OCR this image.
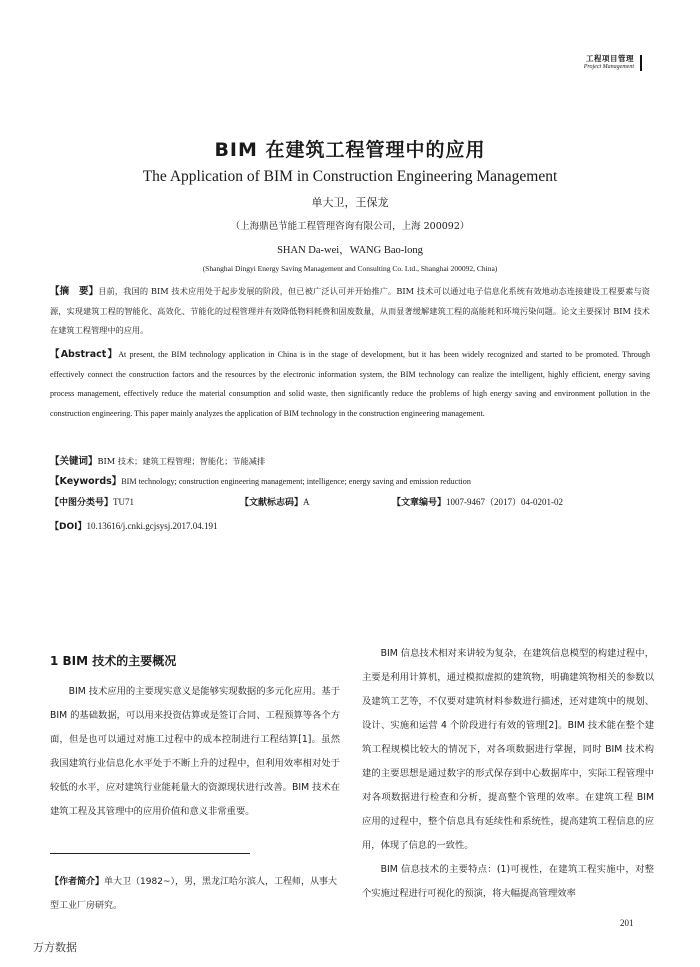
工程项目管理
Project Management
BIM 在建筑工程管理中的应用
The Application of BIM in Construction Engineering Management
单大卫，王保龙
（上海鼎邑节能工程管理咨询有限公司，上海 200092）
SHAN Da-wei，WANG Bao-long
(Shanghai Dingyi Energy Saving Management and Consulting Co. Ltd., Shanghai 200092, China)
【摘　要】目前，我国的 BIM 技术应用处于起步发展的阶段，但已被广泛认可并开始推广。BIM 技术可以通过电子信息化系统有效地动态连接建设工程要素与资源，实现建筑工程的智能化、高效化、节能化的过程管理并有效降低物料耗费和固废数量，从而显著缓解建筑工程的高能耗和环境污染问题。论文主要探讨 BIM 技术在建筑工程管理中的应用。
【Abstract】At present, the BIM technology application in China is in the stage of development, but it has been widely recognized and started to be promoted. Through effectively connect the construction factors and the resources by the electronic information system, the BIM technology can realize the intelligent, highly efficient, energy saving process management, effectively reduce the material consumption and solid waste, then significantly reduce the problems of high energy saving and environment pollution in the construction engineering. This paper mainly analyzes the application of BIM technology in the construction engineering management.
【关键词】BIM 技术；建筑工程管理；智能化；节能减排
【Keywords】BIM technology; construction engineering management; intelligence; energy saving and emission reduction
【中图分类号】TU71	【文献标志码】A	【文章编号】1007-9467（2017）04-0201-02
【DOI】10.13616/j.cnki.gcjsysj.2017.04.191
1 BIM 技术的主要概况

BIM 技术应用的主要现实意义是能够实现数据的多元化应用。基于 BIM 的基础数据，可以用来投资估算或是签订合同、工程预算等各个方面，但是也可以通过对施工过程中的成本控制进行工程结算[1]。虽然我国建筑行业信息化水平处于不断上升的过程中，但利用效率相对处于较低的水平，应对建筑行业能耗量大的资源现状进行改善。BIM 技术在建筑工程及其管理中的应用价值和意义非常重要。

BIM 信息技术相对来讲较为复杂，在建筑信息模型的构建过程中，主要是利用计算机，通过模拟虚拟的建筑物，明确建筑物相关的参数以及建筑工艺等，不仅要对建筑材料参数进行描述，还对建筑中的规划、设计、实施和运营 4 个阶段进行有效的管理[2]。BIM 技术能在整个建筑工程规模比较大的情况下，对各项数据进行掌握，同时 BIM 技术构建的主要思想是通过数字的形式保存到中心数据库中，实际工程管理中对各项数据进行检查和分析，提高整个管理的效率。在建筑工程 BIM 应用的过程中，整个信息具有延续性和系统性，提高建筑工程信息的应用，体现了信息的一致性。

BIM 信息技术的主要特点：(1)可视性，在建筑工程实施中，对整个实施过程进行可视化的预演，将大幅提高管理效率

【作者简介】单大卫（1982~），男，黑龙江哈尔滨人，工程师，从事大型工业厂房研究。
201
万方数据
